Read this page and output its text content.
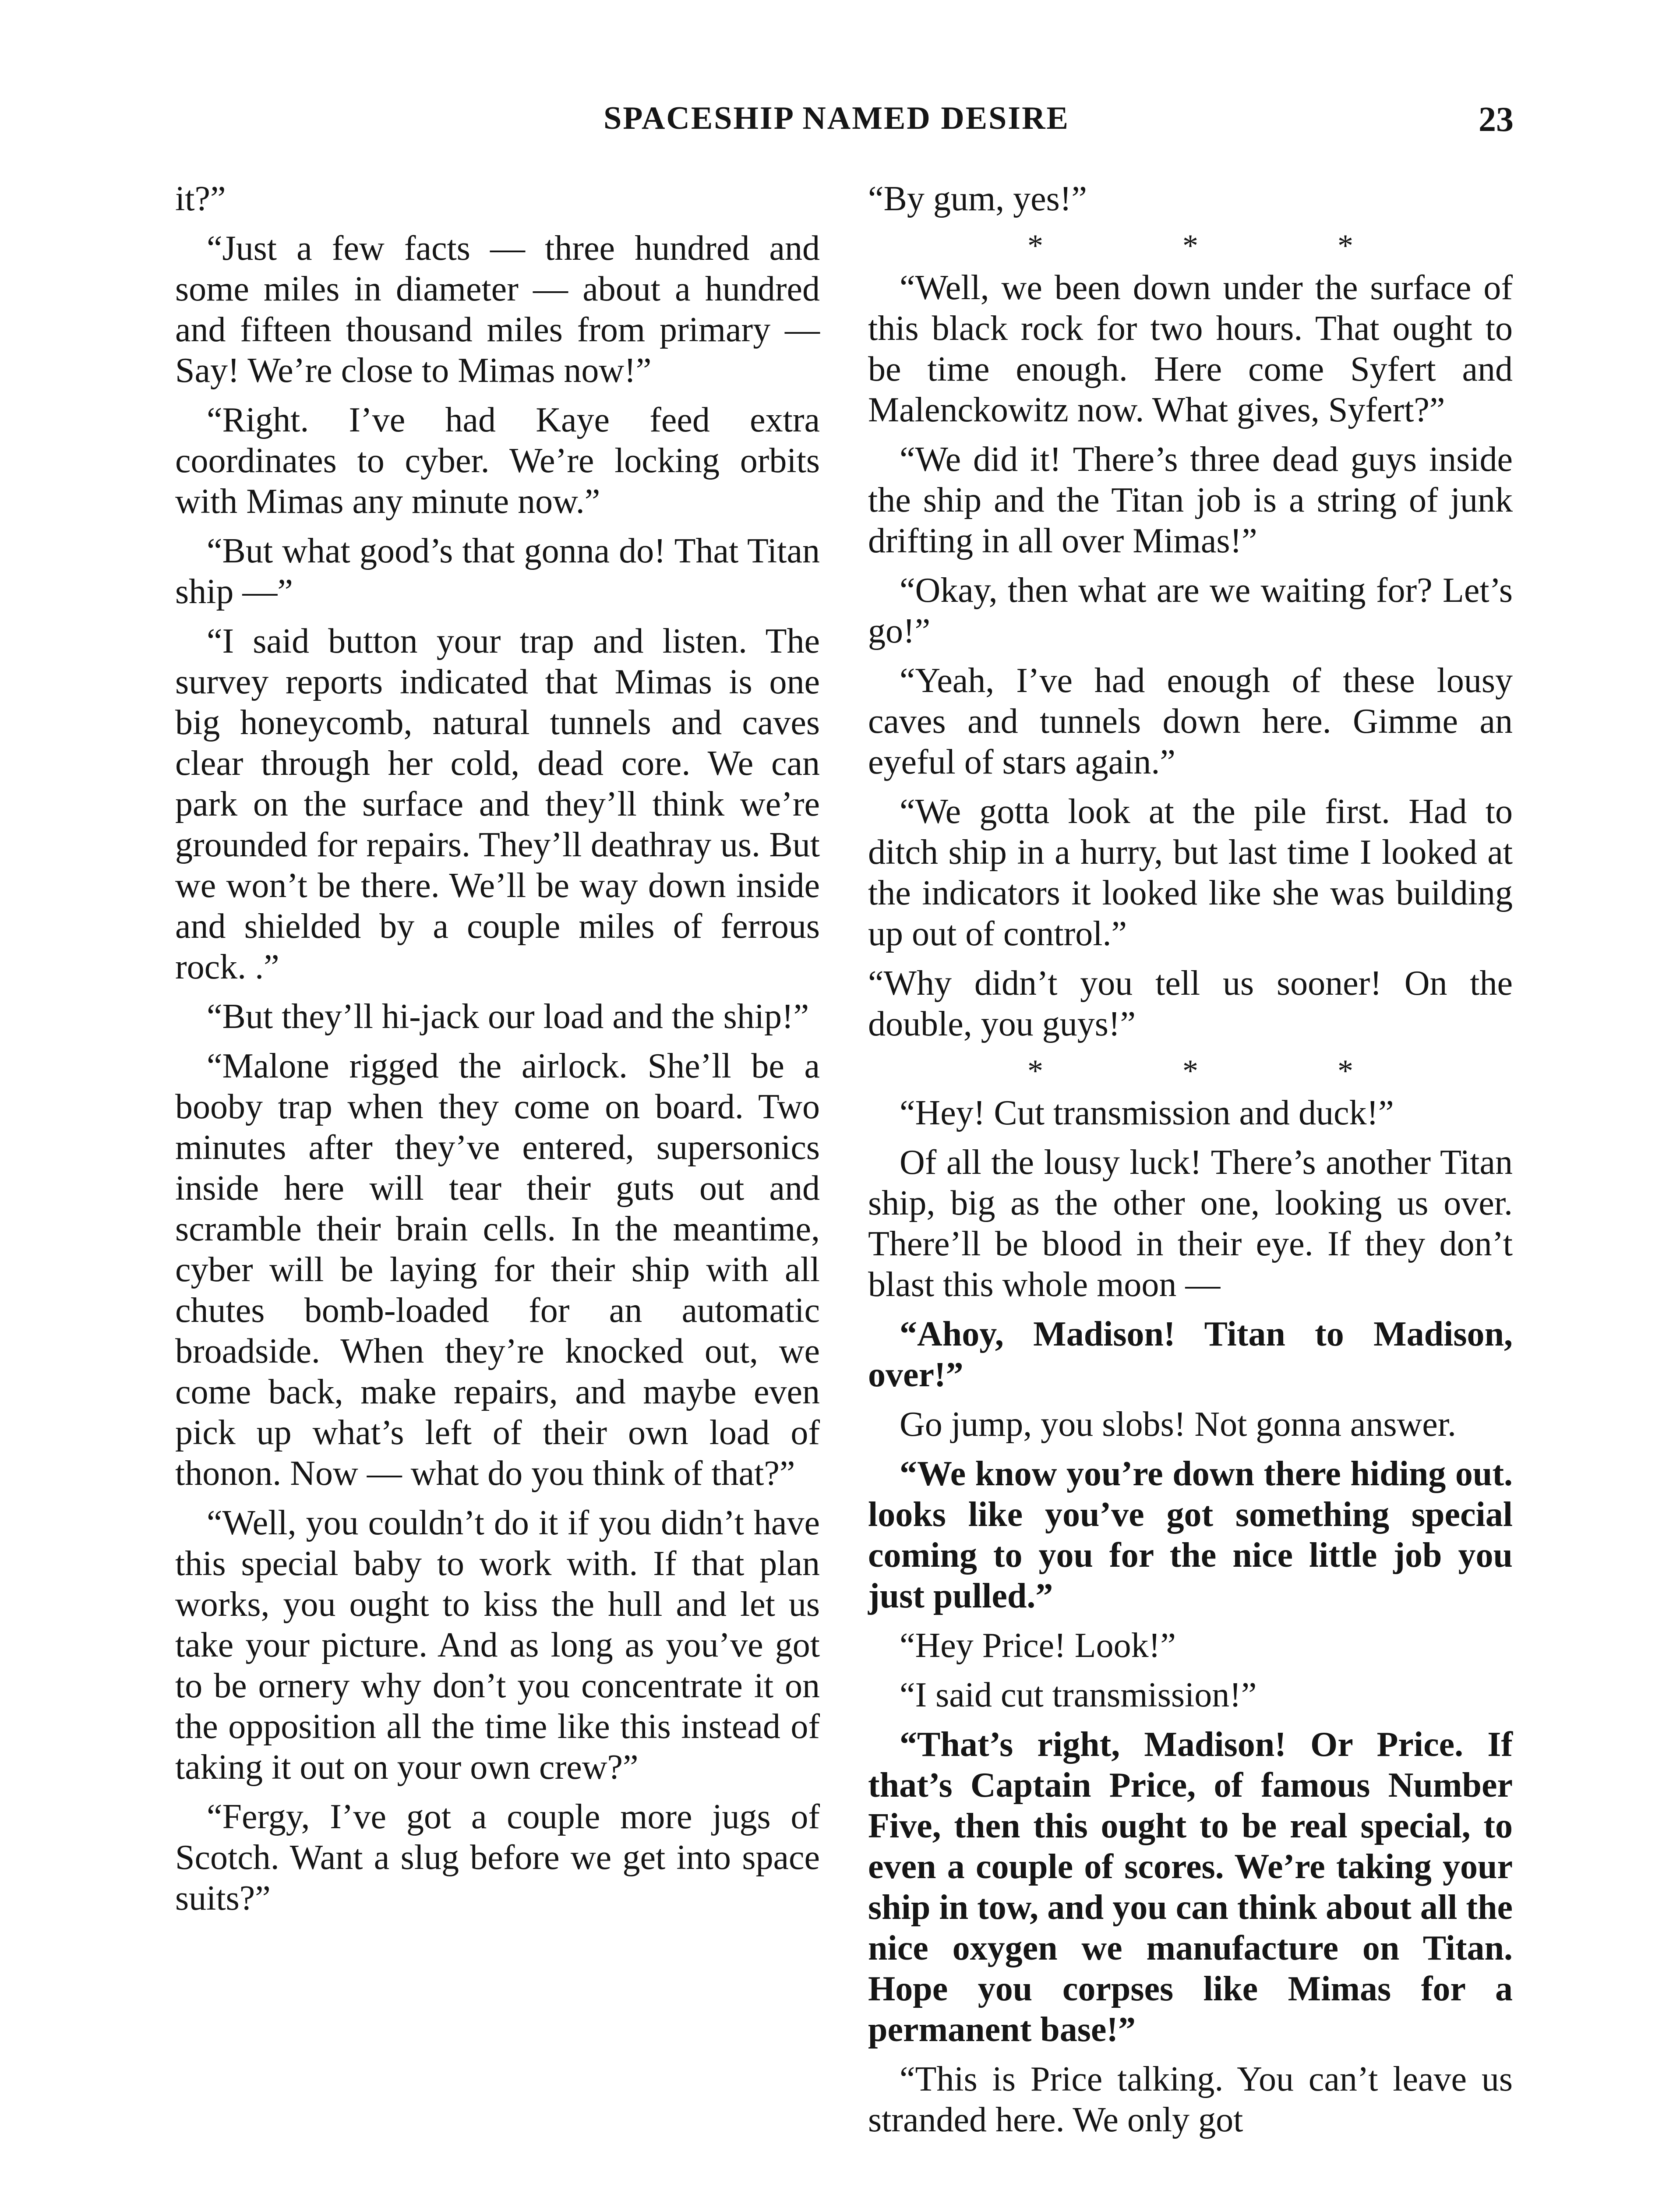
SPACESHIP NAMED DESIRE	23

it?”

“Just a few facts — three hundred and some miles in diameter — about a hundred and fifteen thousand miles from primary — Say! We’re close to Mimas now!”

“Right. I’ve had Kaye feed extra coordinates to cyber. We’re locking orbits with Mimas any minute now.”

“But what good’s that gonna do! That Titan ship —”

“I said button your trap and listen. The survey reports indicated that Mimas is one big honeycomb, natural tunnels and caves clear through her cold, dead core. We can park on the surface and they’ll think we’re grounded for repairs. They’ll deathray us. But we won’t be there. We’ll be way down inside and shielded by a couple miles of ferrous rock. .”

“But they’ll hi-jack our load and the ship!”

“Malone rigged the airlock. She’ll be a booby trap when they come on board. Two minutes after they’ve entered, supersonics inside here will tear their guts out and scramble their brain cells. In the meantime, cyber will be laying for their ship with all chutes bomb-loaded for an automatic broadside. When they’re knocked out, we come back, make repairs, and maybe even pick up what’s left of their own load of thonon. Now — what do you think of that?”

“Well, you couldn’t do it if you didn’t have this special baby to work with. If that plan works, you ought to kiss the hull and let us take your picture. And as long as you’ve got to be ornery why don’t you concentrate it on the opposition all the time like this instead of taking it out on your own crew?”

“Fergy, I’ve got a couple more jugs of Scotch. Want a slug before we get into space suits?”

“By gum, yes!”

* * *

“Well, we been down under the surface of this black rock for two hours. That ought to be time enough. Here come Syfert and Malenckowitz now. What gives, Syfert?”

“We did it! There’s three dead guys inside the ship and the Titan job is a string of junk drifting in all over Mimas!”

“Okay, then what are we waiting for? Let’s go!”

“Yeah, I’ve had enough of these lousy caves and tunnels down here. Gimme an eyeful of stars again.”

“We gotta look at the pile first. Had to ditch ship in a hurry, but last time I looked at the indicators it looked like she was building up out of control.”

“Why didn’t you tell us sooner! On the double, you guys!”

* * *

“Hey! Cut transmission and duck!”

Of all the lousy luck! There’s another Titan ship, big as the other one, looking us over. There’ll be blood in their eye. If they don’t blast this whole moon —

“Ahoy, Madison! Titan to Madison, over!”

Go jump, you slobs! Not gonna answer.

“We know you’re down there hiding out. looks like you’ve got something special coming to you for the nice little job you just pulled.”

“Hey Price! Look!”

“I said cut transmission!”

“That’s right, Madison! Or Price. If that’s Captain Price, of famous Number Five, then this ought to be real special, to even a couple of scores. We’re taking your ship in tow, and you can think about all the nice oxygen we manufacture on Titan. Hope you corpses like Mimas for a permanent base!”

“This is Price talking. You can’t leave us stranded here. We only got
